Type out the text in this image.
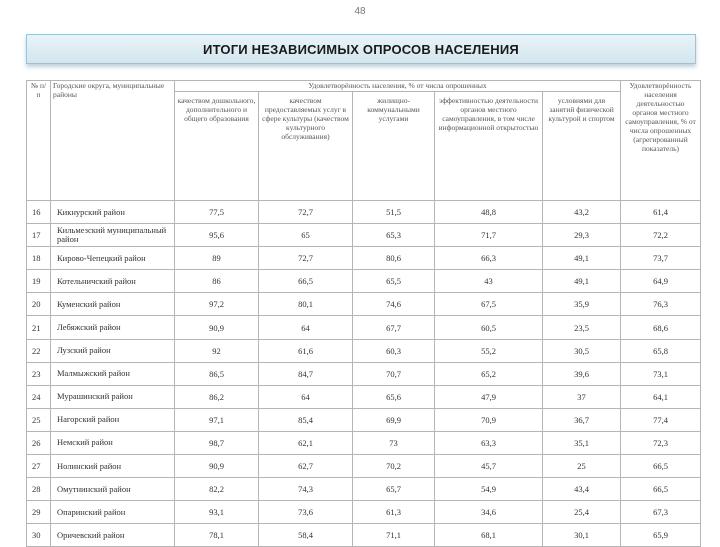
48
ИТОГИ НЕЗАВИСИМЫХ ОПРОСОВ НАСЕЛЕНИЯ
№ п/п	Городские округа, муниципальные районы	Удовлетворённость населения, % от числа опрошенных					Удовлетворённость населения деятельностью органов местного самоуправления, % от числа опрошенных (агрегированный показатель)
		качеством дошкольного, дополнительного и общего образования	качеством предоставляемых услуг в сфере культуры (качеством культурного обслуживания)	жилищно-коммунальными услугами	эффективностью деятельности органов местного самоуправления, в том числе информационной открытостью	условиями для занятий физической культурой и спортом	
16	Кикнурский район	77,5	72,7	51,5	48,8	43,2	61,4
17	Кильмезский муниципальный район	95,6	65	65,3	71,7	29,3	72,2
18	Кирово-Чепецкий район	89	72,7	80,6	66,3	49,1	73,7
19	Котельничский район	86	66,5	65,5	43	49,1	64,9
20	Куменский район	97,2	80,1	74,6	67,5	35,9	76,3
21	Лебяжский район	90,9	64	67,7	60,5	23,5	68,6
22	Лузский район	92	61,6	60,3	55,2	30,5	65,8
23	Малмыжский район	86,5	84,7	70,7	65,2	39,6	73,1
24	Мурашинский район	86,2	64	65,6	47,9	37	64,1
25	Нагорский район	97,1	85,4	69,9	70,9	36,7	77,4
26	Немский район	98,7	62,1	73	63,3	35,1	72,3
27	Нолинский район	90,9	62,7	70,2	45,7	25	66,5
28	Омутнинский район	82,2	74,3	65,7	54,9	43,4	66,5
29	Опаринский район	93,1	73,6	61,3	34,6	25,4	67,3
30	Оричевский район	78,1	58,4	71,1	68,1	30,1	65,9
